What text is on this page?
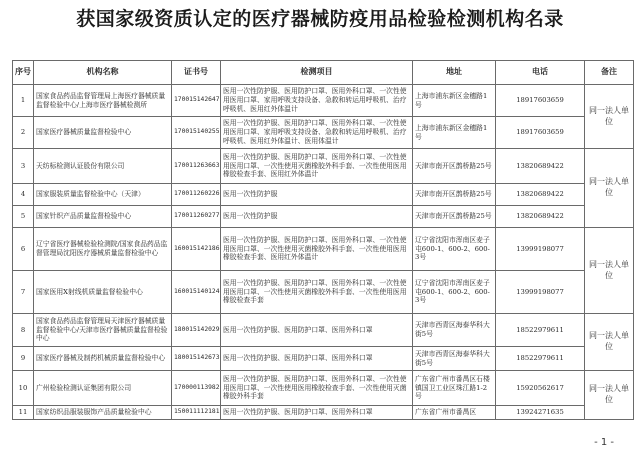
获国家级资质认定的医疗器械防疫用品检验检测机构名录
序号	机构名称	证书号	检测项目	地址	电话	备注
1	国家食品药品监督管理局上海医疗器械质量监督检验中心/上海市医疗器械检测所	170015142647	医用一次性防护服、医用防护口罩、医用外科口罩、一次性使用医用口罩、家用呼吸支持设备、急救和转运用呼吸机、治疗呼吸机、医用红外体温计	上海市浦东新区金穗路1号	18917603659	同一法人单位
2	国家医疗器械质量监督检验中心	170015140255	医用一次性防护服、医用防护口罩、医用外科口罩、一次性使用医用口罩、家用呼吸支持设备、急救和转运用呼吸机、治疗呼吸机、医用红外体温计、医用体温计	上海市浦东新区金穗路1号	18917603659	
3	天纺标检测认证股份有限公司	170011263663	医用一次性防护服、医用防护口罩、医用外科口罩、一次性使用医用口罩、一次性使用灭菌橡胶外科手套、一次性使用医用橡胶检查手套、医用红外体温计	天津市南开区鹊桥路25号	13820689422	同一法人单位
4	国家服装质量监督检验中心（天津）	170011260226	医用一次性防护服	天津市南开区鹊桥路25号	13820689422	
5	国家针织产品质量监督检验中心	170011260277	医用一次性防护服	天津市南开区鹊桥路25号	13820689422	
6	辽宁省医疗器械检验检测院/国家食品药品监督管理局沈阳医疗器械质量监督检验中心	160015142186	医用一次性防护服、医用防护口罩、医用外科口罩、一次性使用医用口罩、一次性使用灭菌橡胶外科手套、一次性使用医用橡胶检查手套、医用红外体温计	辽宁省沈阳市浑南区麦子屯600-1、600-2、600-3号	13999198077	同一法人单位
7	国家医用X射线机质量监督检验中心	160015140124	医用一次性防护服、医用防护口罩、医用外科口罩、一次性使用医用口罩、一次性使用灭菌橡胶外科手套、一次性使用医用橡胶检查手套	辽宁省沈阳市浑南区麦子屯600-1、600-2、600-3号	13999198077	
8	国家食品药品监督管理局天津医疗器械质量监督检验中心/天津市医疗器械质量监督检验中心	180015142029	医用一次性防护服、医用防护口罩、医用外科口罩	天津市西青区海泰华科大街5号	18522979611	同一法人单位
9	国家医疗器械及制药机械质量监督检验中心	180015142673	医用一次性防护服、医用防护口罩、医用外科口罩	天津市西青区海泰华科大街5号	18522979611	
10	广州检验检测认证集团有限公司	170000113982	医用一次性防护服、医用防护口罩、医用外科口罩、一次性使用医用口罩、一次性使用医用橡胶检查手套、一次性使用灭菌橡胶外科手套	广东省广州市番禺区石楼镇国卫工业区珠江路1-2号	15920562617	同一法人单位
11	国家纺织品服装服饰产品质量检验中心	150011112181	医用一次性防护服、医用防护口罩、医用外科口罩	广东省广州市番禺区	13924271635	
- 1 -
